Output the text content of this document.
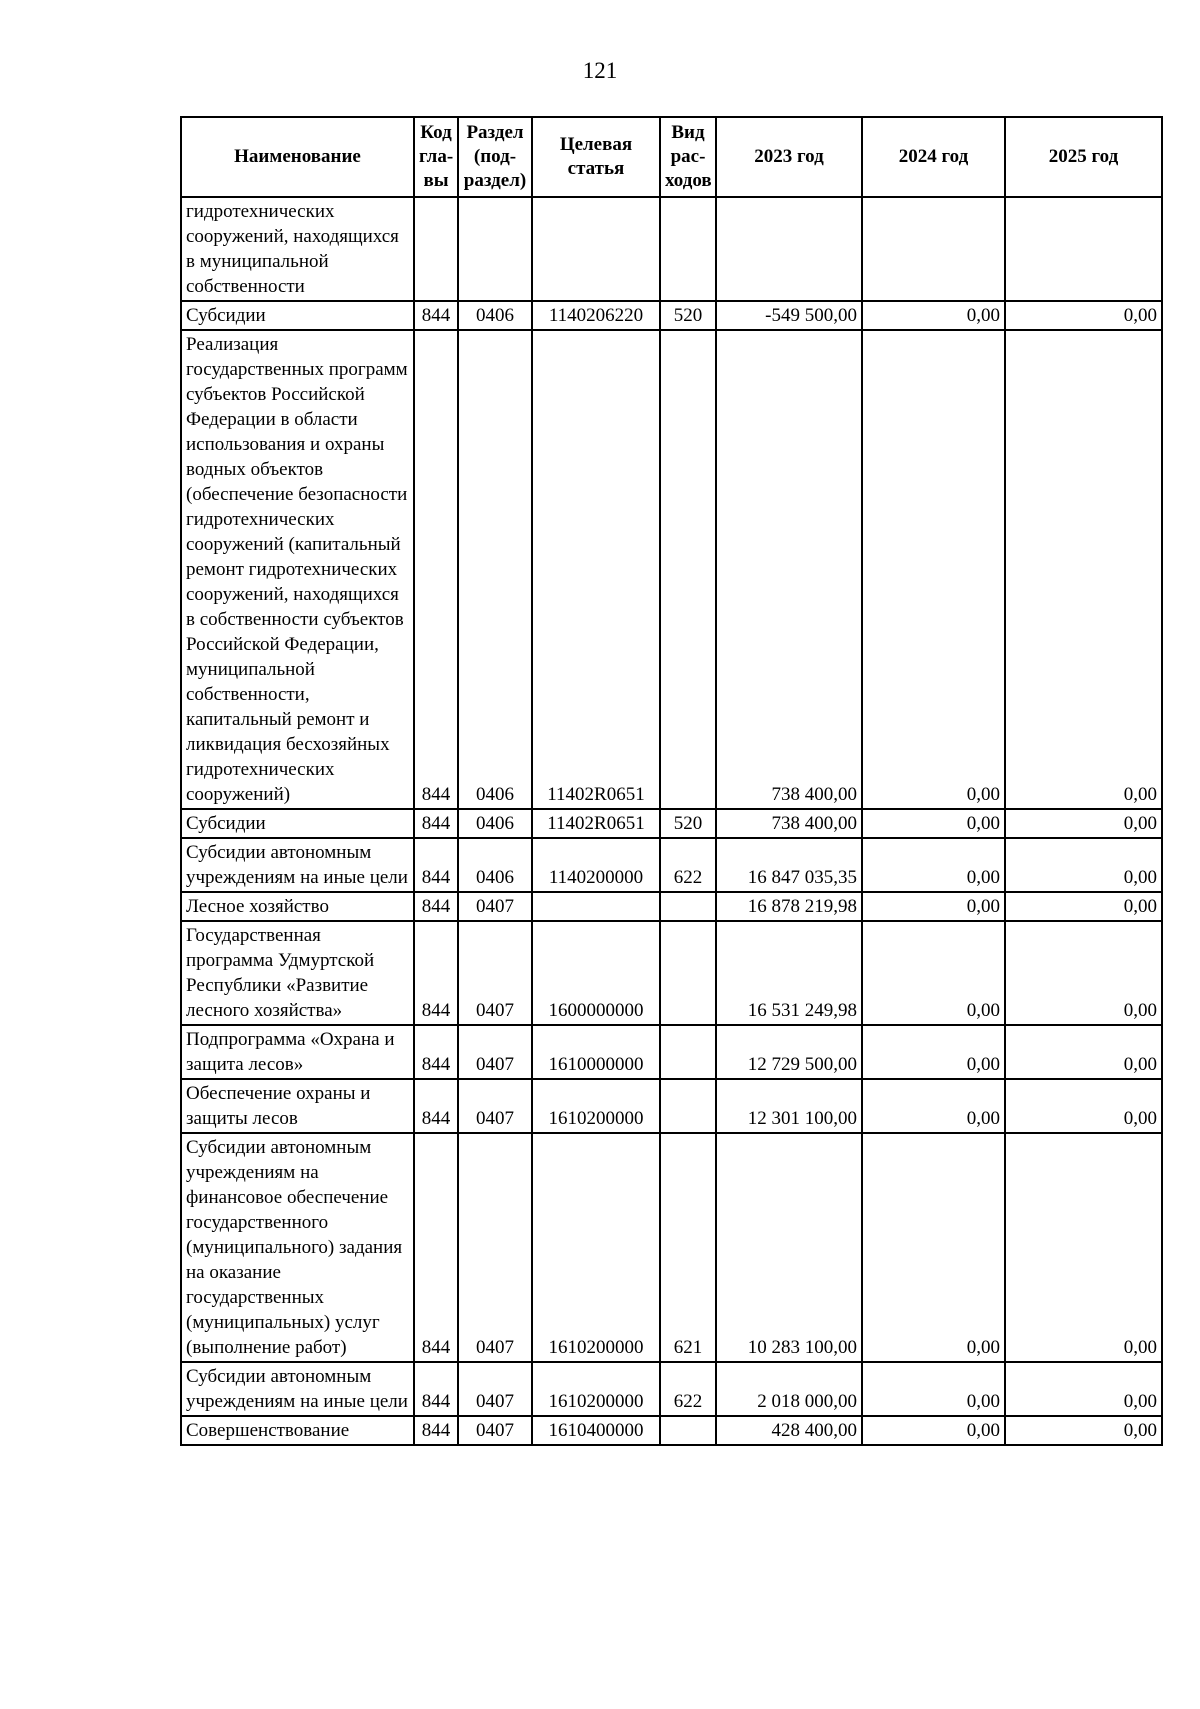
121
Наименование	Код гла- вы	Раздел (под- раздел)	Целевая статья	Вид рас- ходов	2023 год	2024 год	2025 год
гидротехнических сооружений, находящихся в муниципальной собственности							
Субсидии	844	0406	1140206220	520	-549 500,00	0,00	0,00
Реализация государственных программ субъектов Российской Федерации в области использования и охраны водных объектов (обеспечение безопасности гидротехнических сооружений (капитальный ремонт гидротехнических сооружений, находящихся в собственности субъектов Российской Федерации, муниципальной собственности, капитальный ремонт и ликвидация бесхозяйных гидротехнических сооружений)	844	0406	11402R0651		738 400,00	0,00	0,00
Субсидии	844	0406	11402R0651	520	738 400,00	0,00	0,00
Субсидии автономным учреждениям на иные цели	844	0406	1140200000	622	16 847 035,35	0,00	0,00
Лесное хозяйство	844	0407			16 878 219,98	0,00	0,00
Государственная программа Удмуртской Республики «Развитие лесного хозяйства»	844	0407	1600000000		16 531 249,98	0,00	0,00
Подпрограмма «Охрана и защита лесов»	844	0407	1610000000		12 729 500,00	0,00	0,00
Обеспечение охраны и защиты лесов	844	0407	1610200000		12 301 100,00	0,00	0,00
Субсидии автономным учреждениям на финансовое обеспечение государственного (муниципального) задания на оказание государственных (муниципальных) услуг (выполнение работ)	844	0407	1610200000	621	10 283 100,00	0,00	0,00
Субсидии автономным учреждениям на иные цели	844	0407	1610200000	622	2 018 000,00	0,00	0,00
Совершенствование	844	0407	1610400000		428 400,00	0,00	0,00
